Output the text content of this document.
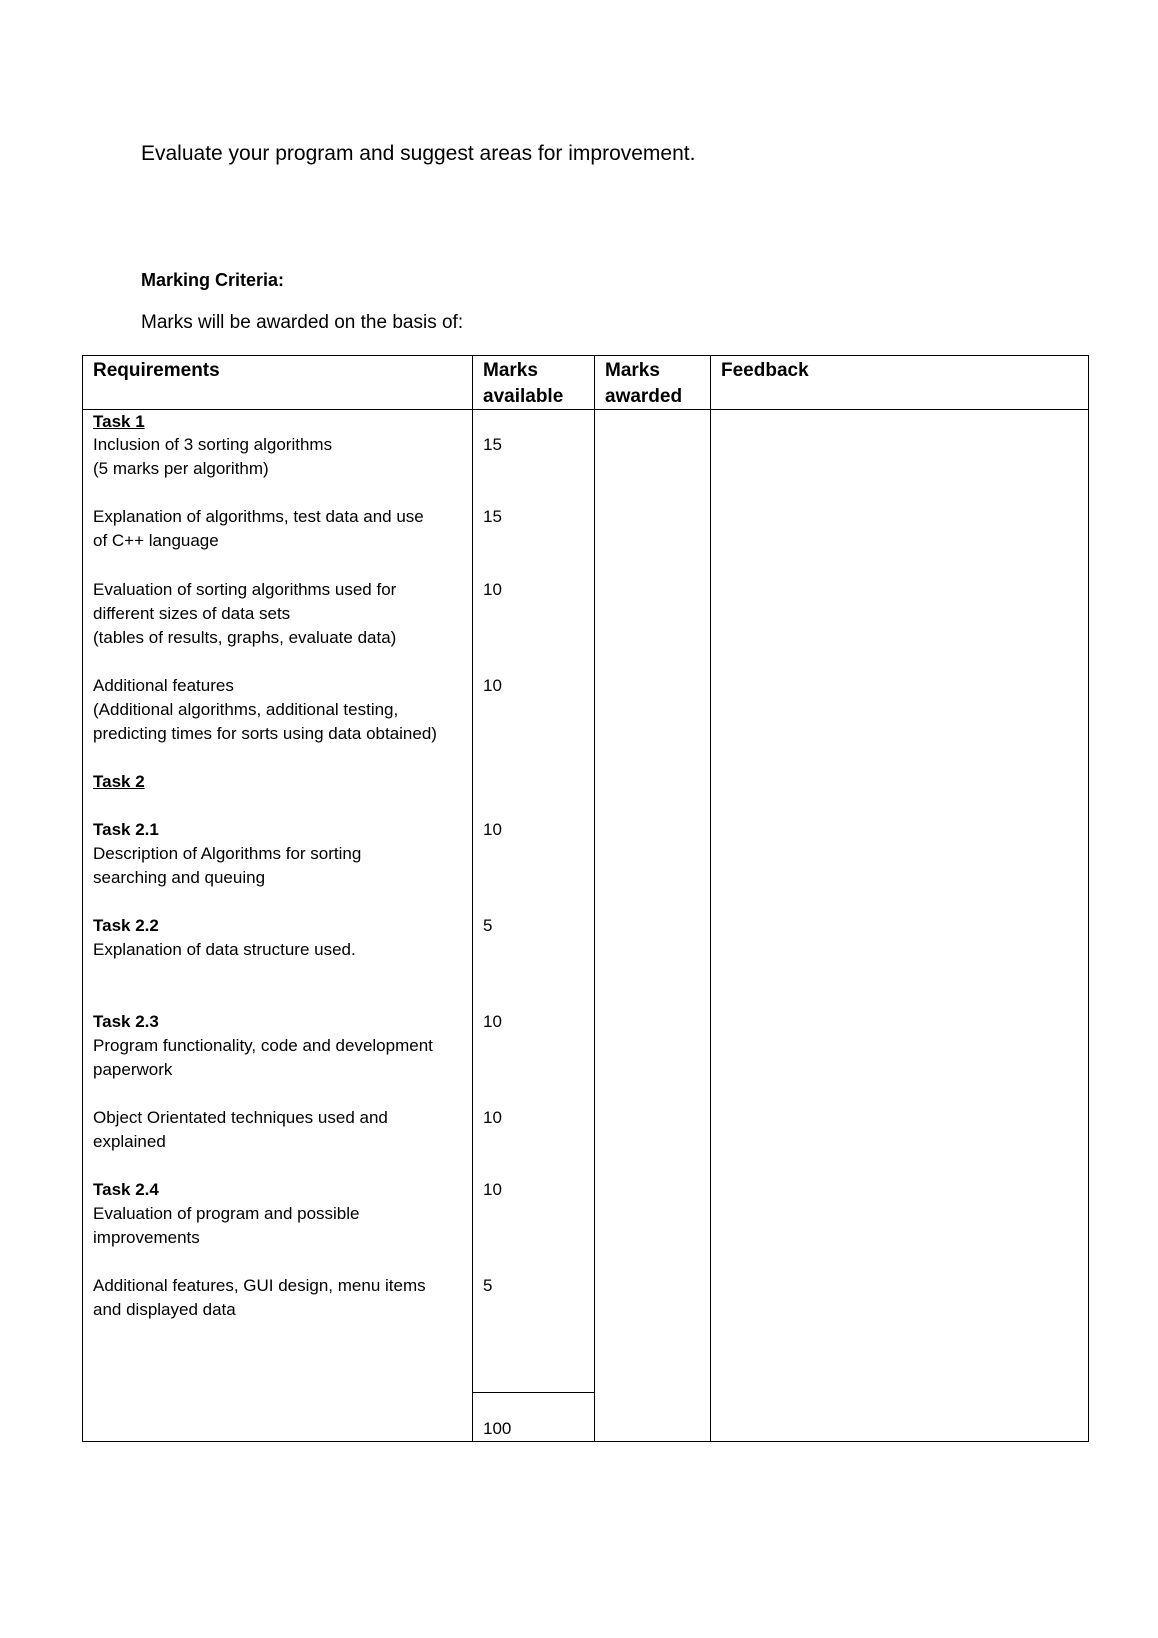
Evaluate your program and suggest areas for improvement.
Marking Criteria:
Marks will be awarded on the basis of:
Requirements	Marks
available
Marks
awarded
Feedback
Task 1
Inclusion of 3 sorting algorithms
(5 marks per algorithm)
15
Explanation of algorithms, test data and use
of C++ language
15
Evaluation of sorting algorithms used for
different sizes of data sets
(tables of results, graphs, evaluate data)
10
Additional features
(Additional algorithms, additional testing,
predicting times for sorts using data obtained)
10
Task 2
Task 2.1
Description of Algorithms for sorting
searching and queuing
10
Task 2.2
Explanation of data structure used.
5
Task 2.3
Program functionality, code and development
paperwork
10
Object Orientated techniques used and
explained
10
Task 2.4
Evaluation of program and possible
improvements
10
Additional features, GUI design, menu items
and displayed data
5
100
